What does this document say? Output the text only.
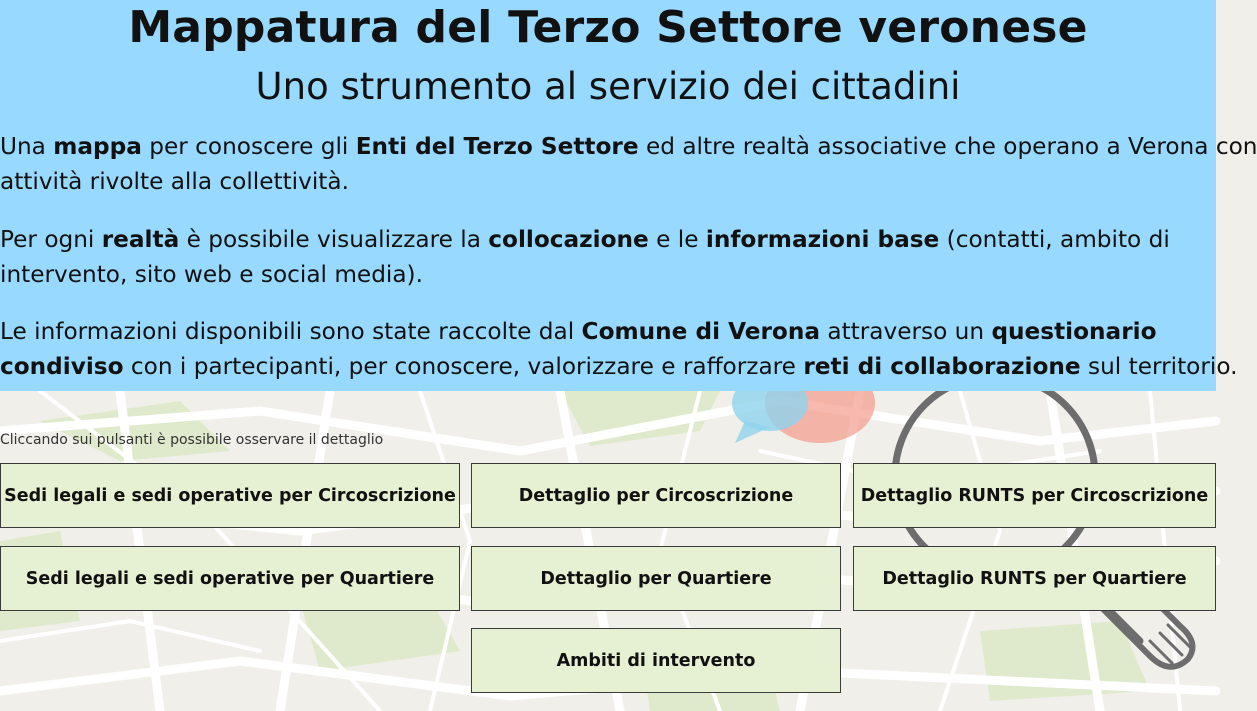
Mappatura del Terzo Settore veronese
Uno strumento al servizio dei cittadini
Una mappa per conoscere gli Enti del Terzo Settore ed altre realtà associative che operano a Verona con
attività rivolte alla collettività.
Per ogni realtà è possibile visualizzare la collocazione e le informazioni base (contatti, ambito di
intervento, sito web e social media).
Le informazioni disponibili sono state raccolte dal Comune di Verona attraverso un questionario
condiviso con i partecipanti, per conoscere, valorizzare e rafforzare reti di collaborazione sul territorio.
Cliccando sui pulsanti è possibile osservare il dettaglio
Sedi legali e sedi operative per Circoscrizione	Dettaglio per Circoscrizione	Dettaglio RUNTS per Circoscrizione
Sedi legali e sedi operative per Quartiere	Dettaglio per Quartiere	Dettaglio RUNTS per Quartiere
Ambiti di intervento
